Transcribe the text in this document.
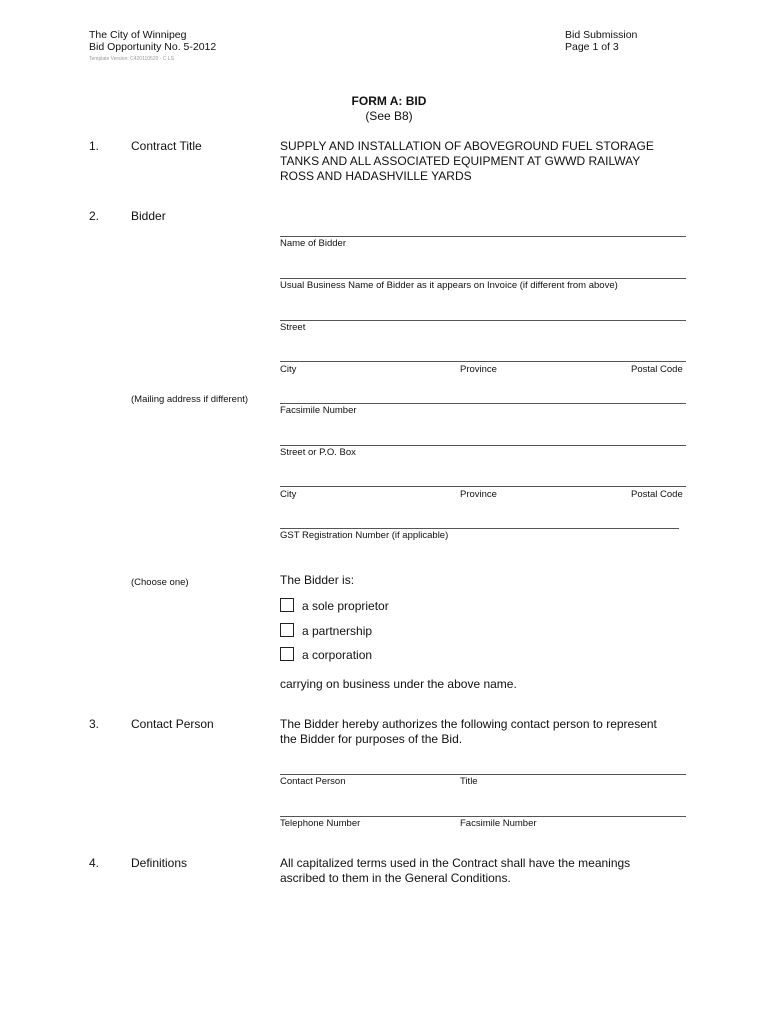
The City of Winnipeg
Bid Opportunity No. 5-2012
Template Version: C420110520 - C LS
Bid Submission
Page 1 of 3
FORM A: BID
(See B8)
1.	Contract Title	SUPPLY AND INSTALLATION OF ABOVEGROUND FUEL STORAGE
TANKS AND ALL ASSOCIATED EQUIPMENT AT GWWD RAILWAY
ROSS AND HADASHVILLE YARDS
2.	Bidder
Name of Bidder
Usual Business Name of Bidder as it appears on Invoice (if different from above)
Street
City	Province	Postal Code
(Mailing address if different)
Facsimile Number
Street or P.O. Box
City	Province	Postal Code
GST Registration Number (if applicable)
(Choose one)	The Bidder is:
a sole proprietor
a partnership
a corporation
carrying on business under the above name.
3.	Contact Person	The Bidder hereby authorizes the following contact person to represent
the Bidder for purposes of the Bid.
Contact Person	Title
Telephone Number	Facsimile Number
4.	Definitions	All capitalized terms used in the Contract shall have the meanings
ascribed to them in the General Conditions.
